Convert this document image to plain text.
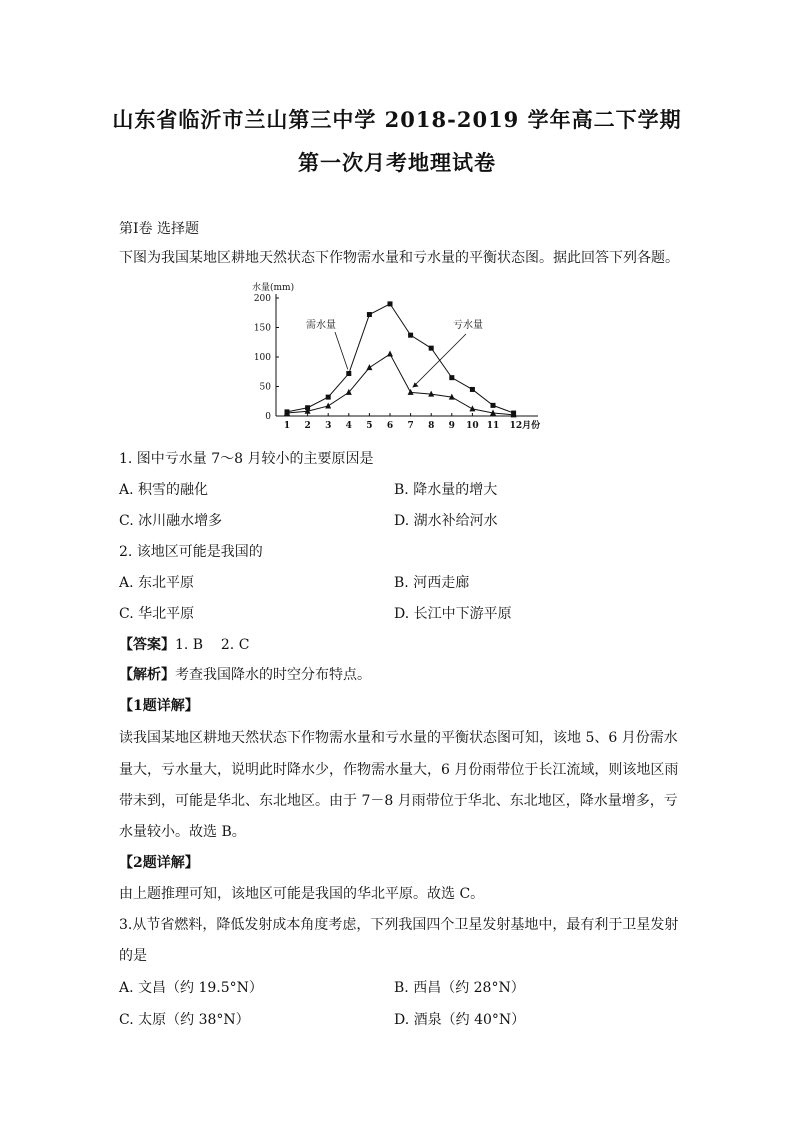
山东省临沂市兰山第三中学 2018-2019 学年高二下学期
第一次月考地理试卷
第Ⅰ卷 选择题
下图为我国某地区耕地天然状态下作物需水量和亏水量的平衡状态图。据此回答下列各题。
水量(mm)
0
50
100
150
200
1 2 3 4 5 6 7 8 9 10 11 12月份
需水量	亏水量
1. 图中亏水量 7～8 月较小的主要原因是
A. 积雪的融化	B. 降水量的增大
C. 冰川融水增多	D. 湖水补给河水
2. 该地区可能是我国的
A. 东北平原	B. 河西走廊
C. 华北平原	D. 长江中下游平原
【答案】1. B    2. C
【解析】考查我国降水的时空分布特点。
【1题详解】
读我国某地区耕地天然状态下作物需水量和亏水量的平衡状态图可知，该地 5、6 月份需水
量大，亏水量大，说明此时降水少，作物需水量大，6 月份雨带位于长江流域，则该地区雨
带未到，可能是华北、东北地区。由于 7－8 月雨带位于华北、东北地区，降水量增多，亏
水量较小。故选 B。
【2题详解】
由上题推理可知，该地区可能是我国的华北平原。故选 C。
3.从节省燃料，降低发射成本角度考虑，下列我国四个卫星发射基地中，最有利于卫星发射
的是
A. 文昌（约 19.5°N）	B. 西昌（约 28°N）
C. 太原（约 38°N）	D. 酒泉（约 40°N）
